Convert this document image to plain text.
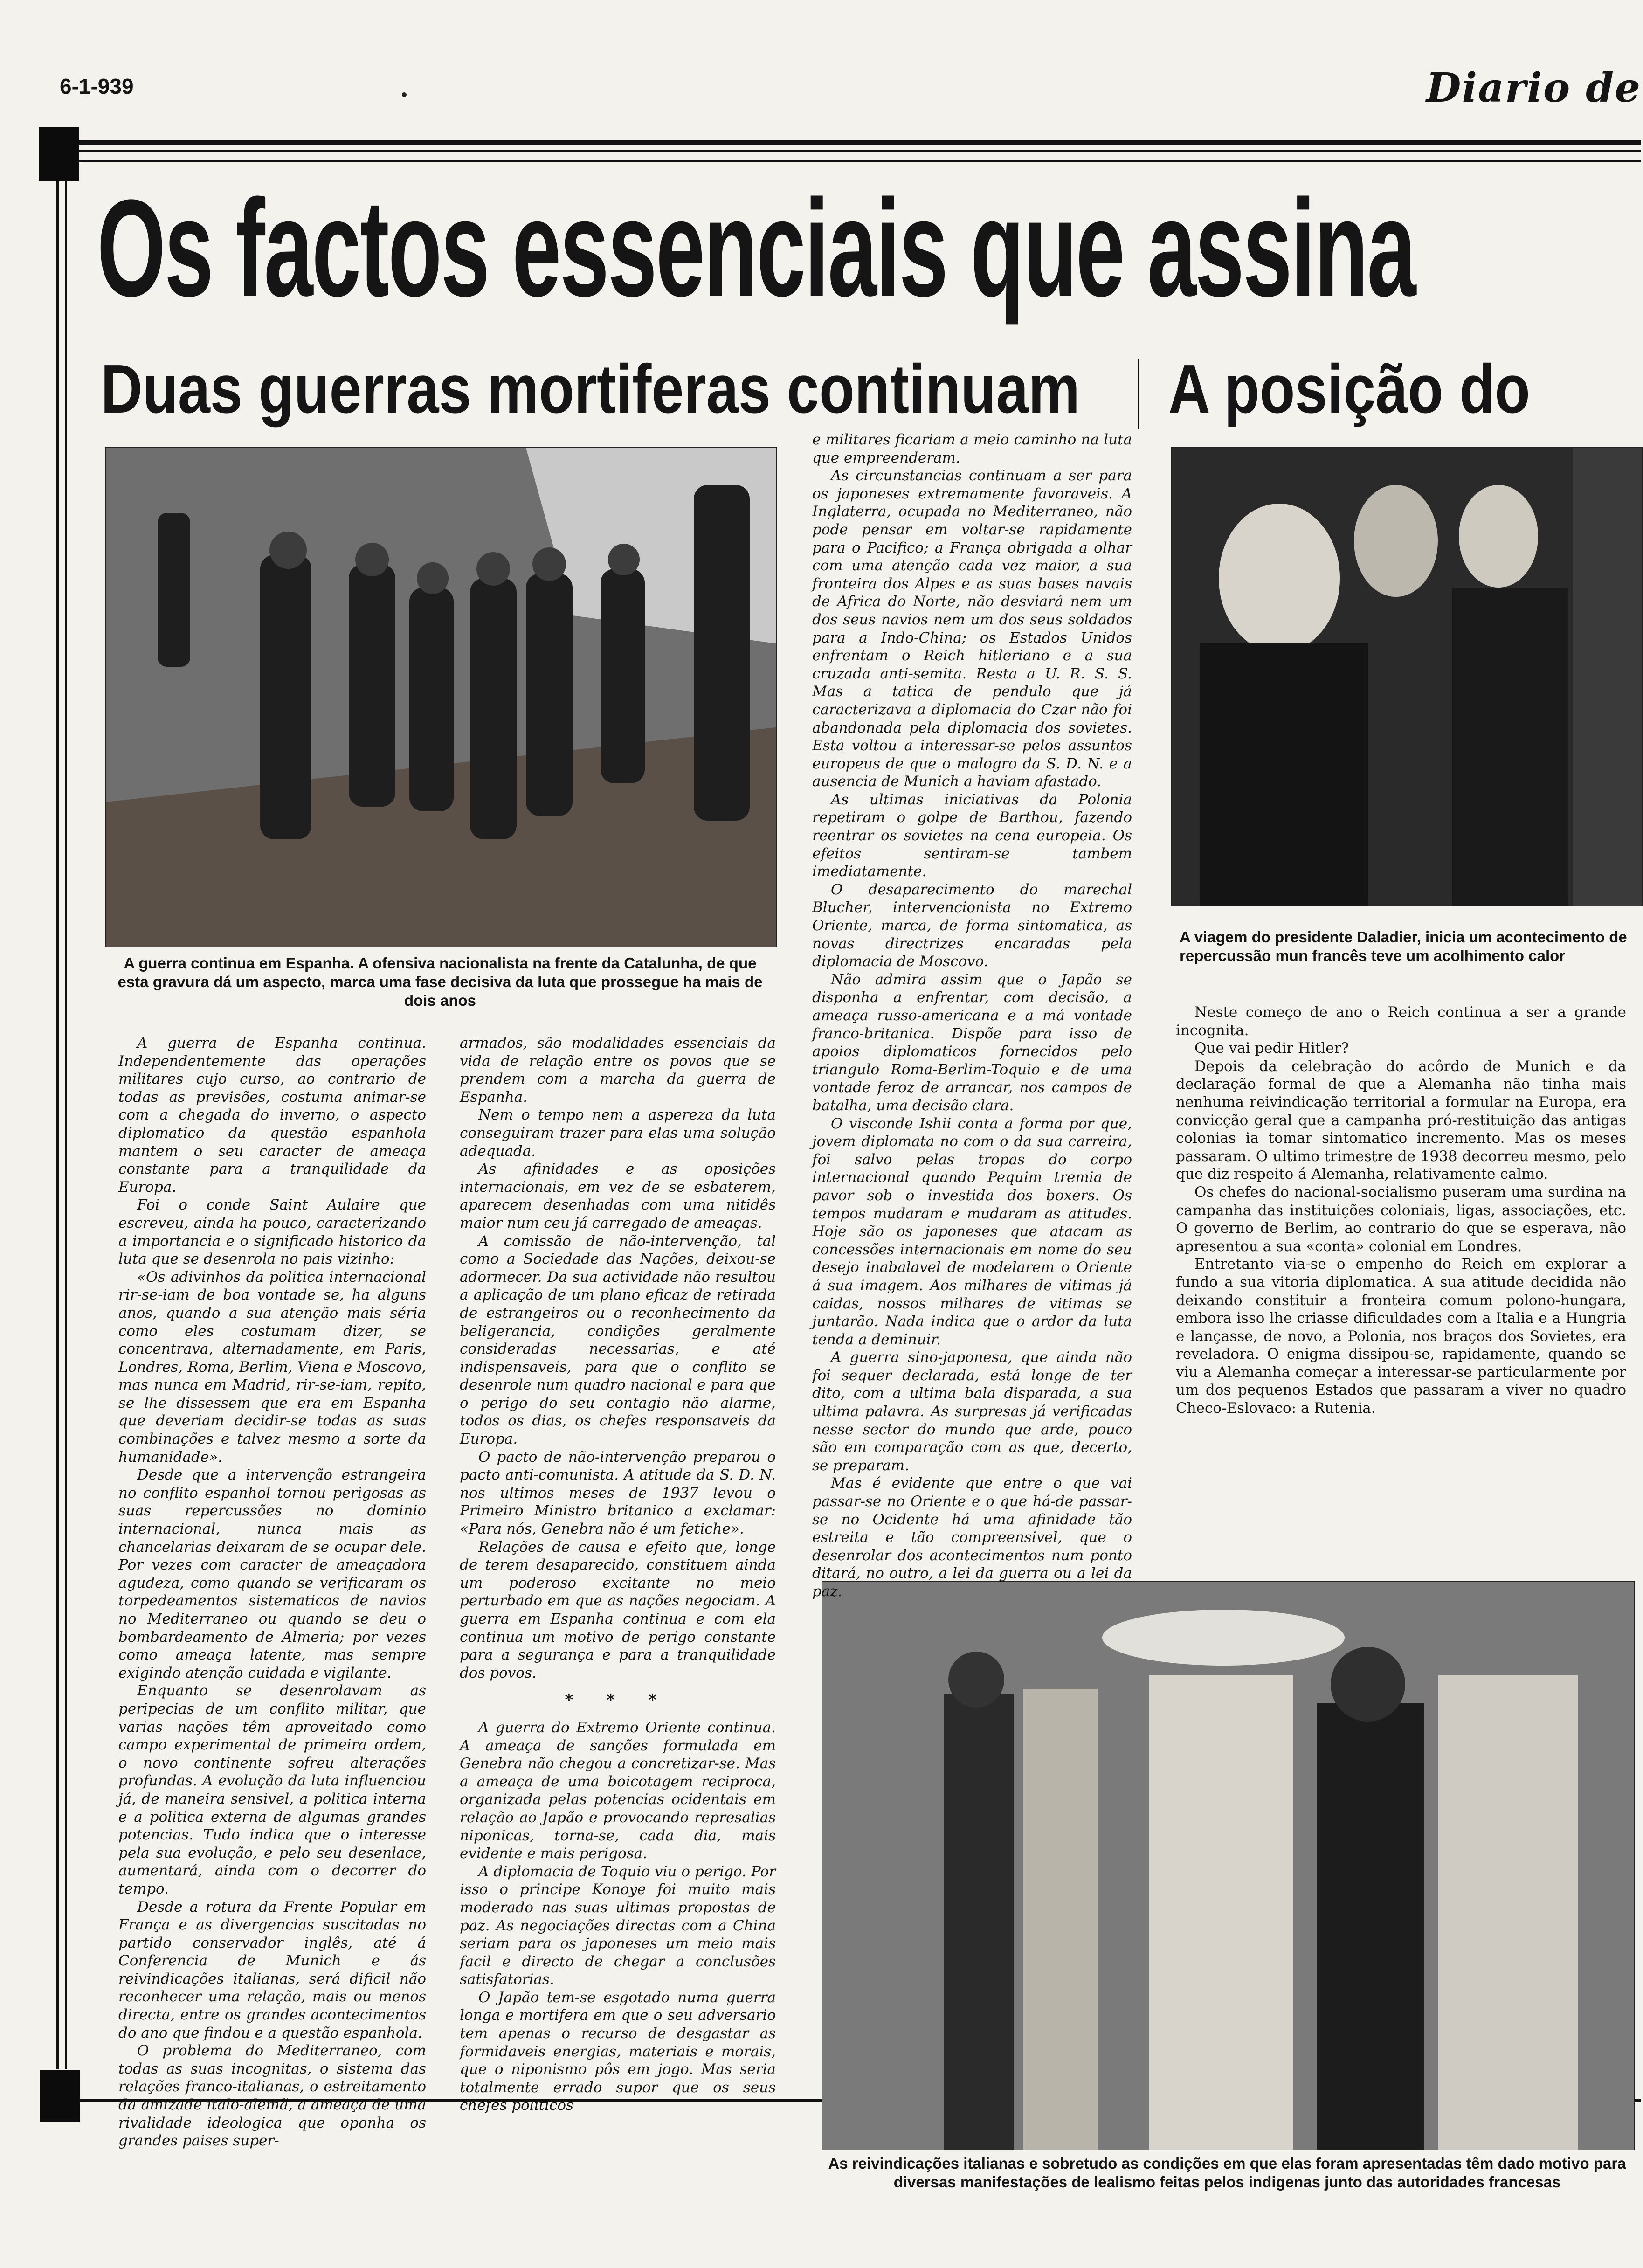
6-1-939	Diario de
Os factos essenciais que assina
Duas guerras mortiferas continuam A posição do
A guerra continua em Espanha. A ofensiva nacionalista na frente da Catalunha, de que esta gravura dá um aspecto, marca uma fase decisiva da luta que prossegue ha mais de dois anos
A viagem do presidente Daladier, inicia um acontecimento de repercussão mun francês teve um acolhimento calor
As reivindicações italianas e sobretudo as condições em que elas foram apresentadas têm dado motivo para diversas manifestações de lealismo feitas pelos indigenas junto das autoridades francesas

A guerra de Espanha continua. Independentemente das operações militares cujo curso, ao contrario de todas as previsões, costuma animar-se com a chegada do inverno, o aspecto diplomatico da questão espanhola mantem o seu caracter de ameaça constante para a tranquilidade da Europa.

Foi o conde Saint Aulaire que escreveu, ainda ha pouco, caracterizando a importancia e o significado historico da luta que se desenrola no pais vizinho:

«Os adivinhos da politica internacional rir-se-iam de boa vontade se, ha alguns anos, quando a sua atenção mais séria como eles costumam dizer, se concentrava, alternadamente, em Paris, Londres, Roma, Berlim, Viena e Moscovo, mas nunca em Madrid, rir-se-iam, repito, se lhe dissessem que era em Espanha que deveriam decidir-se todas as suas combinações e talvez mesmo a sorte da humanidade».

Desde que a intervenção estrangeira no conflito espanhol tornou perigosas as suas repercussões no dominio internacional, nunca mais as chancelarias deixaram de se ocupar dele. Por vezes com caracter de ameaçadora agudeza, como quando se verificaram os torpedeamentos sistematicos de navios no Mediterraneo ou quando se deu o bombardeamento de Almeria; por vezes como ameaça latente, mas sempre exigindo atenção cuidada e vigilante.

Enquanto se desenrolavam as peripecias de um conflito militar, que varias nações têm aproveitado como campo experimental de primeira ordem, o novo continente sofreu alterações profundas. A evolução da luta influenciou já, de maneira sensivel, a politica interna e a politica externa de algumas grandes potencias. Tudo indica que o interesse pela sua evolução, e pelo seu desenlace, aumentará, ainda com o decorrer do tempo.

Desde a rotura da Frente Popular em França e as divergencias suscitadas no partido conservador inglês, até á Conferencia de Munich e ás reivindicações italianas, será dificil não reconhecer uma relação, mais ou menos directa, entre os grandes acontecimentos do ano que findou e a questão espanhola.

O problema do Mediterraneo, com todas as suas incognitas, o sistema das relações franco-italianas, o estreitamento da amizade italo-alemã, a ameaça de uma rivalidade ideologica que oponha os grandes paises super-

armados, são modalidades essenciais da vida de relação entre os povos que se prendem com a marcha da guerra de Espanha.

Nem o tempo nem a aspereza da luta conseguiram trazer para elas uma solução adequada.

As afinidades e as oposições internacionais, em vez de se esbaterem, aparecem desenhadas com uma nitidês maior num ceu já carregado de ameaças.

A comissão de não-intervenção, tal como a Sociedade das Nações, deixou-se adormecer. Da sua actividade não resultou a aplicação de um plano eficaz de retirada de estrangeiros ou o reconhecimento da beligerancia, condições geralmente consideradas necessarias, e até indispensaveis, para que o conflito se desenrole num quadro nacional e para que o perigo do seu contagio não alarme, todos os dias, os chefes responsaveis da Europa.

O pacto de não-intervenção preparou o pacto anti-comunista. A atitude da S. D. N. nos ultimos meses de 1937 levou o Primeiro Ministro britanico a exclamar: «Para nós, Genebra não é um fetiche».

Relações de causa e efeito que, longe de terem desaparecido, constituem ainda um poderoso excitante no meio perturbado em que as nações negociam. A guerra em Espanha continua e com ela continua um motivo de perigo constante para a segurança e para a tranquilidade dos povos.

* * *

A guerra do Extremo Oriente continua. A ameaça de sanções formulada em Genebra não chegou a concretizar-se. Mas a ameaça de uma boicotagem reciproca, organizada pelas potencias ocidentais em relação ao Japão e provocando represalias niponicas, torna-se, cada dia, mais evidente e mais perigosa.

A diplomacia de Toquio viu o perigo. Por isso o principe Konoye foi muito mais moderado nas suas ultimas propostas de paz. As negociações directas com a China seriam para os japoneses um meio mais facil e directo de chegar a conclusões satisfatorias.

O Japão tem-se esgotado numa guerra longa e mortifera em que o seu adversario tem apenas o recurso de desgastar as formidaveis energias, materiais e morais, que o niponismo pôs em jogo. Mas seria totalmente errado supor que os seus chefes politicos

e militares ficariam a meio caminho na luta que empreenderam.

As circunstancias continuam a ser para os japoneses extremamente favoraveis. A Inglaterra, ocupada no Mediterraneo, não pode pensar em voltar-se rapidamente para o Pacifico; a França obrigada a olhar com uma atenção cada vez maior, a sua fronteira dos Alpes e as suas bases navais de Africa do Norte, não desviará nem um dos seus navios nem um dos seus soldados para a Indo-China; os Estados Unidos enfrentam o Reich hitleriano e a sua cruzada anti-semita. Resta a U. R. S. S. Mas a tatica de pendulo que já caracterizava a diplomacia do Czar não foi abandonada pela diplomacia dos sovietes. Esta voltou a interessar-se pelos assuntos europeus de que o malogro da S. D. N. e a ausencia de Munich a haviam afastado.

As ultimas iniciativas da Polonia repetiram o golpe de Barthou, fazendo reentrar os sovietes na cena europeia. Os efeitos sentiram-se tambem imediatamente.

O desaparecimento do marechal Blucher, intervencionista no Extremo Oriente, marca, de forma sintomatica, as novas directrizes encaradas pela diplomacia de Moscovo.

Não admira assim que o Japão se disponha a enfrentar, com decisão, a ameaça russo-americana e a má vontade franco-britanica. Dispõe para isso de apoios diplomaticos fornecidos pelo triangulo Roma-Berlim-Toquio e de uma vontade feroz de arrancar, nos campos de batalha, uma decisão clara.

O visconde Ishii conta a forma por que, jovem diplomata no com o da sua carreira, foi salvo pelas tropas do corpo internacional quando Pequim tremia de pavor sob o investida dos boxers. Os tempos mudaram e mudaram as atitudes. Hoje são os japoneses que atacam as concessões internacionais em nome do seu desejo inabalavel de modelarem o Oriente á sua imagem. Aos milhares de vitimas já caidas, nossos milhares de vitimas se juntarão. Nada indica que o ardor da luta tenda a deminuir.

A guerra sino-japonesa, que ainda não foi sequer declarada, está longe de ter dito, com a ultima bala disparada, a sua ultima palavra. As surpresas já verificadas nesse sector do mundo que arde, pouco são em comparação com as que, decerto, se preparam.

Mas é evidente que entre o que vai passar-se no Oriente e o que há-de passar-se no Ocidente há uma afinidade tão estreita e tão compreensivel, que o desenrolar dos acontecimentos num ponto ditará, no outro, a lei da guerra ou a lei da paz.

Neste começo de ano o Reich continua a ser a grande incognita.

Que vai pedir Hitler?

Depois da celebração do acôrdo de Munich e da declaração formal de que a Alemanha não tinha mais nenhuma reivindicação territorial a formular na Europa, era convicção geral que a campanha pró-restituição das antigas colonias ia tomar sintomatico incremento. Mas os meses passaram. O ultimo trimestre de 1938 decorreu mesmo, pelo que diz respeito á Alemanha, relativamente calmo.

Os chefes do nacional-socialismo puseram uma surdina na campanha das instituições coloniais, ligas, associações, etc. O governo de Berlim, ao contrario do que se esperava, não apresentou a sua «conta» colonial em Londres.

Entretanto via-se o empenho do Reich em explorar a fundo a sua vitoria diplomatica. A sua atitude decidida não deixando constituir a fronteira comum polono-hungara, embora isso lhe criasse dificuldades com a Italia e a Hungria e lançasse, de novo, a Polonia, nos braços dos Sovietes, era reveladora. O enigma dissipou-se, rapidamente, quando se viu a Alemanha começar a interessar-se particularmente por um dos pequenos Estados que passaram a viver no quadro Checo-Eslovaco: a Rutenia.
